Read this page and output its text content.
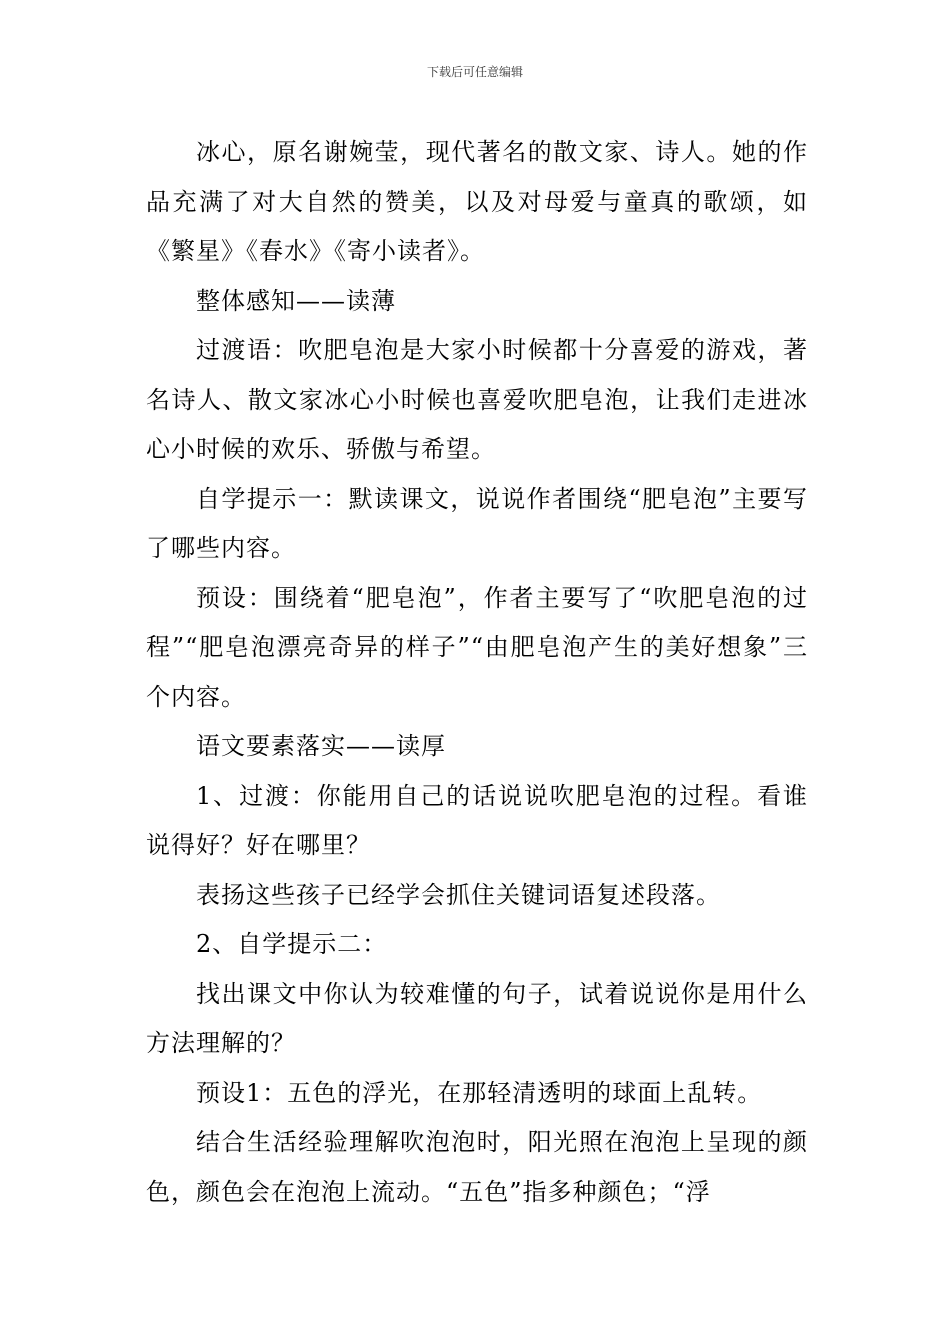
下载后可任意编辑

冰心，原名谢婉莹，现代著名的散文家、诗人。她的作品充满了对大自然的赞美，以及对母爱与童真的歌颂，如《繁星》《春水》《寄小读者》。

整体感知——读薄

过渡语：吹肥皂泡是大家小时候都十分喜爱的游戏，著名诗人、散文家冰心小时候也喜爱吹肥皂泡，让我们走进冰心小时候的欢乐、骄傲与希望。

自学提示一：默读课文，说说作者围绕“肥皂泡”主要写了哪些内容。

预设：围绕着“肥皂泡”，作者主要写了“吹肥皂泡的过程”“肥皂泡漂亮奇异的样子”“由肥皂泡产生的美好想象”三个内容。

语文要素落实——读厚

1、过渡：你能用自己的话说说吹肥皂泡的过程。看谁说得好？好在哪里？

表扬这些孩子已经学会抓住关键词语复述段落。

2、自学提示二：

找出课文中你认为较难懂的句子，试着说说你是用什么方法理解的？

预设1：五色的浮光，在那轻清透明的球面上乱转。

结合生活经验理解吹泡泡时，阳光照在泡泡上呈现的颜色，颜色会在泡泡上流动。“五色”指多种颜色；“浮
